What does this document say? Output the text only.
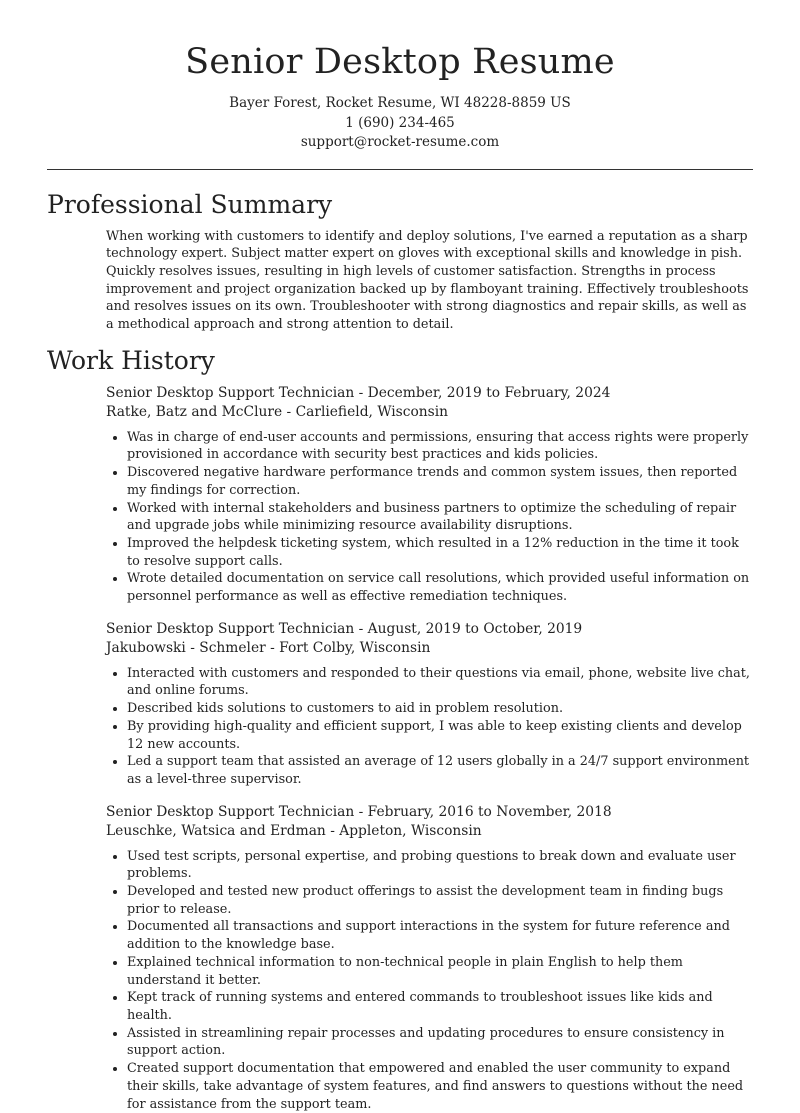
Senior Desktop Resume
Bayer Forest, Rocket Resume, WI 48228-8859 US
1 (690) 234-465
support@rocket-resume.com
Professional Summary

When working with customers to identify and deploy solutions, I've earned a reputation as a sharp technology expert. Subject matter expert on gloves with exceptional skills and knowledge in pish. Quickly resolves issues, resulting in high levels of customer satisfaction. Strengths in process improvement and project organization backed up by flamboyant training. Effectively troubleshoots and resolves issues on its own. Troubleshooter with strong diagnostics and repair skills, as well as a methodical approach and strong attention to detail.

Work History
Senior Desktop Support Technician - December, 2019 to February, 2024
Ratke, Batz and McClure - Carliefield, Wisconsin
• Was in charge of end-user accounts and permissions, ensuring that access rights were properly provisioned in accordance with security best practices and kids policies.
• Discovered negative hardware performance trends and common system issues, then reported my findings for correction.
• Worked with internal stakeholders and business partners to optimize the scheduling of repair and upgrade jobs while minimizing resource availability disruptions.
• Improved the helpdesk ticketing system, which resulted in a 12% reduction in the time it took to resolve support calls.
• Wrote detailed documentation on service call resolutions, which provided useful information on personnel performance as well as effective remediation techniques.
Senior Desktop Support Technician - August, 2019 to October, 2019
Jakubowski - Schmeler - Fort Colby, Wisconsin
• Interacted with customers and responded to their questions via email, phone, website live chat, and online forums.
• Described kids solutions to customers to aid in problem resolution.
• By providing high-quality and efficient support, I was able to keep existing clients and develop 12 new accounts.
• Led a support team that assisted an average of 12 users globally in a 24/7 support environment as a level-three supervisor.
Senior Desktop Support Technician - February, 2016 to November, 2018
Leuschke, Watsica and Erdman - Appleton, Wisconsin
• Used test scripts, personal expertise, and probing questions to break down and evaluate user problems.
• Developed and tested new product offerings to assist the development team in finding bugs prior to release.
• Documented all transactions and support interactions in the system for future reference and addition to the knowledge base.
• Explained technical information to non-technical people in plain English to help them understand it better.
• Kept track of running systems and entered commands to troubleshoot issues like kids and health.
• Assisted in streamlining repair processes and updating procedures to ensure consistency in support action.
• Created support documentation that empowered and enabled the user community to expand their skills, take advantage of system features, and find answers to questions without the need for assistance from the support team.
